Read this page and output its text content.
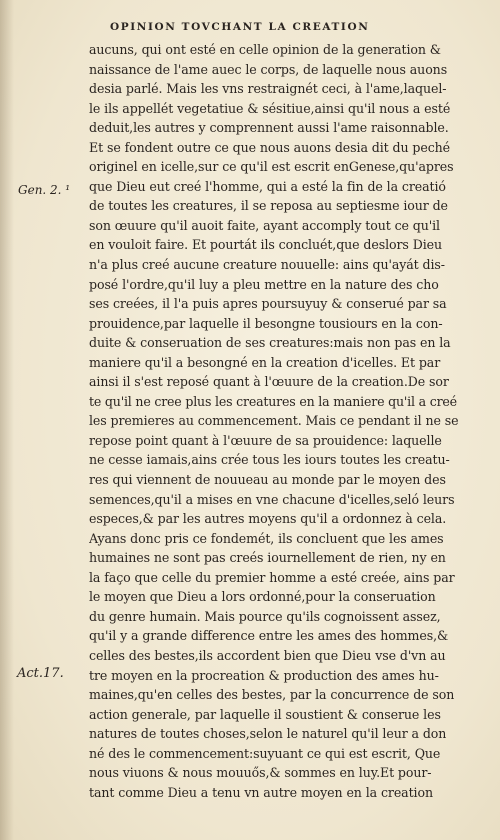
OPINION TOVCHANT LA CREATION
Gen. 2. ¹
Act.17.
aucuns, qui ont esté en celle opinion de la generation &
naissance de l'ame auec le corps, de laquelle nous auons
desia parlé. Mais les vns restraignét ceci, à l'ame,laquel-
le ils appellét vegetatiue & sésitiue,ainsi qu'il nous a esté
deduit,les autres y comprennent aussi l'ame raisonnable.
Et se fondent outre ce que nous auons desia dit du peché
originel en icelle,sur ce qu'il est escrit enGenese,qu'apres
que Dieu eut creé l'homme, qui a esté la fin de la creatió
de toutes les creatures, il se reposa au septiesme iour de
son œuure qu'il auoit faite, ayant accomply tout ce qu'il
en vouloit faire. Et pourtát ils concluét,que deslors Dieu
n'a plus creé aucune creature nouuelle: ains qu'ayát dis-
posé l'ordre,qu'il luy a pleu mettre en la nature des cho
ses creées, il l'a puis apres poursuyuy & conserué par sa
prouidence,par laquelle il besongne tousiours en la con-
duite & conseruation de ses creatures:mais non pas en la
maniere qu'il a besongné en la creation d'icelles. Et par
ainsi il s'est reposé quant à l'œuure de la creation.De sor
te qu'il ne cree plus les creatures en la maniere qu'il a creé
les premieres au commencement. Mais ce pendant il ne se
repose point quant à l'œuure de sa prouidence: laquelle
ne cesse iamais,ains crée tous les iours toutes les creatu-
res qui viennent de nouueau au monde par le moyen des
semences,qu'il a mises en vne chacune d'icelles,seló leurs
especes,& par les autres moyens qu'il a ordonnez à cela.
Ayans donc pris ce fondemét, ils concluent que les ames
humaines ne sont pas creés iournellement de rien, ny en
la faço que celle du premier homme a esté creée, ains par
le moyen que Dieu a lors ordonné,pour la conseruation
du genre humain. Mais pource qu'ils cognoissent assez,
qu'il y a grande difference entre les ames des hommes,&
celles des bestes,ils accordent bien que Dieu vse d'vn au
tre moyen en la procreation & production des ames hu-
maines,qu'en celles des bestes, par la concurrence de son
action generale, par laquelle il soustient & conserue les
natures de toutes choses,selon le naturel qu'il leur a don
né des le commencement:suyuant ce qui est escrit, Que
nous viuons & nous mouuős,& sommes en luy.Et pour-
tant comme Dieu a tenu vn autre moyen en la creation
